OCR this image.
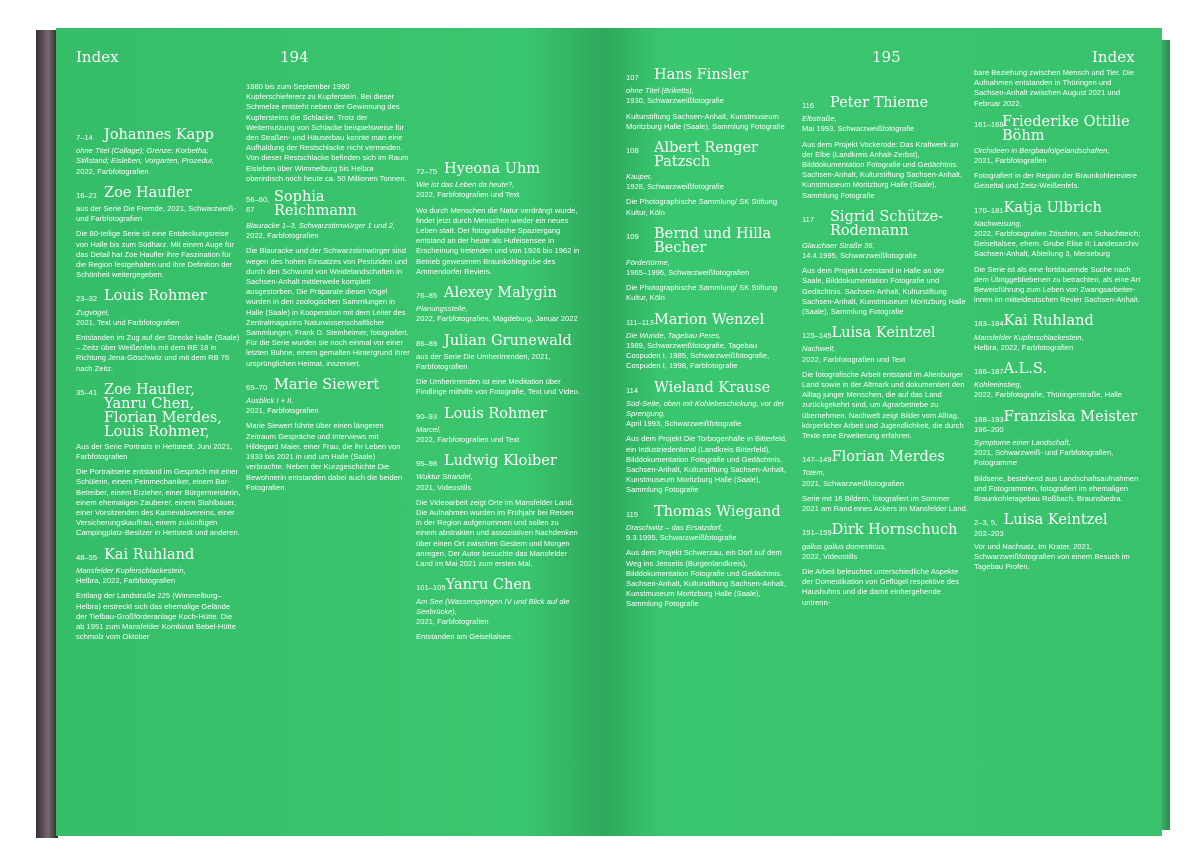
Index	194
7–14 Johannes Kapp
ohne Titel (Collage); Grenze; Korbetha; Stillstand; Eisleben; Vorgarten, Prozedur,
2022, Farbfotografien
16–21 Zoe Haufler
aus der Serie Die Fremde, 2021, Schwarzweiß- und Farbfotografien
Die 80-teilige Serie ist eine Entdeckungsreise von Halle bis zum Südharz. Mit einem Auge für das Detail hat Zoe Haufler ihre Faszination für die Region festgehalten und ihre Definition der Schönheit weitergegeben.
23–32 Louis Rohmer
Zugvögel,
2021, Text und Farbfotografien
Entstanden im Zug auf der Strecke Halle (Saale) – Zeitz über Weißenfels mit dem RE 18 in Richtung Jena-Göschwitz und mit dem RB 76 nach Zeitz.
35–41 Zoe Haufler, Yanru Chen, Florian Merdes, Louis Rohmer,
Aus der Serie Portraits in Hettstedt, Juni 2021, Farbfotografien
Die Portraitserie entstand im Gespräch mit einer Schülerin, einem Feinmechaniker, einem Bar-Betreiber, einem Erzieher, einer Bürgermeisterin, einem ehemaligen Zauberer, einem Stahlbauer, einer Vorsitzenden des Karnevalsvereins, einer Versicherungskauffrau, einem zukünftigen Campingplatz-Besitzer in Hettstedt und anderen.
48–55 Kai Ruhland
Mansfelder Kupferschlackestein,
Helbra, 2022, Farbfotografien
Entlang der Landstraße 225 (Wimmelburg–Helbra) erstreckt sich das ehemalige Gelände der Tiefbau-Großförderanlage Koch-Hütte. Die ab 1951 zum Mansfelder Kombinat Bebel-Hütte schmolz vom Oktober
1880 bis zum September 1990 Kupferschiefererz zu Kupferstein. Bei dieser Schmelze entsteht neben der Gewinnung des Kupfersteins die Schlacke. Trotz der Weiternutzung von Schlacke beispielsweise für den Straßen- und Häuserbau konnte man eine Aufhaldung der Restschlacke nicht vermeiden. Von dieser Restschlacke befinden sich im Raum Eisleben über Wimmelburg bis Helbra oberirdisch noch heute ca. 50 Millionen Tonnen.
56–60,
67
Sophia Reichmann
Blauracke 1–3, Schwarzstirnwürger 1 und 2,
2022, Farbfotografien
Die Blauracke und der Schwarzstirnwürger sind wegen des hohen Einsatzes von Pestiziden und durch den Schwund von Weidelandschaften in Sachsen-Anhalt mittlerweile komplett ausgestorben. Die Präparate dieser Vögel wurden in den zoologischen Sammlungen in Halle (Saale) in Kooperation mit dem Leiter des Zentralmagazins Naturwissenschaftlicher Sammlungen, Frank D. Steinheimer, fotografiert. Für die Serie wurden sie noch einmal vor einer letzten Bühne, einem gemalten Hintergrund ihrer ursprünglichen Heimat, inszeniert.
69–70 Marie Siewert
Ausblick I + II,
2021, Farbfotografien
Marie Siewert führte über einen längeren Zeitraum Gespräche und Interviews mit Hildegard Maier, einer Frau, die ihr Leben von 1933 bis 2021 in und um Halle (Saale) verbrachte. Neben der Kurzgeschichte Die Bewohnerin entstanden dabei auch die beiden Fotografien.
72–75 Hyeona Uhm
Wie ist das Leben da heute?,
2022, Farbfotografien und Text
Wo durch Menschen die Natur verdrängt wurde, findet jetzt durch Menschen wieder ein neues Leben statt. Der fotografische Spaziergang entstand an der heute als Hufeisensee in Erscheinung tretenden und von 1926 bis 1962 in Betrieb gewesenen Braunkohlegrube des Ammendorfer Reviers.
76–85 Alexey Malygin
Planungsstelle,
2022, Farbfotografien, Magdeburg, Januar 2022
86–89 Julian Grunewald
aus der Serie Die Umherirrenden, 2021, Farbfotografien
Die Umherirrenden ist eine Meditation über Findlinge mithilfe von Fotografie, Text und Video.
90–93 Louis Rohmer
Marcel,
2022, Farbfotografien und Text
95–98 Ludwig Kloiber
Wuktur Strandel,
2021, Videostills
Die Videoarbeit zeigt Orte im Mansfelder Land. Die Aufnahmen wurden im Frühjahr bei Reisen in der Region aufgenommen und sollen zu einem abstrakten und assoziativen Nachdenken über einen Ort zwischen Gestern und Morgen anregen. Der Autor besuchte das Mansfelder Land im Mai 2021 zum ersten Mal.
101–105 Yanru Chen
Am See (Wasserspringen IV und Blick auf die Seebrücke),
2021, Farbfotografien
Entstanden am Geiseltalsee.
195	Index
107	Hans Finsler
ohne Titel (Briketts),
1930, Schwarzweißfotografie
Kulturstiftung Sachsen-Anhalt, Kunstmuseum Moritzburg Halle (Saale), Sammlung Fotografie
108	Albert Renger Patzsch
Kauper,
1928, Schwarzweißfotografie
Die Photographische Sammlung/ SK Stiftung Kultur, Köln
109	Bernd und Hilla Becher
Fördertürme,
1965–1996, Schwarzweißfotografien
Die Photographische Sammlung/ SK Stiftung Kultur, Köln
111–113 Marion Wenzel
Die Wunde, Tagebau Peres,
1989, Schwarzweißfotografie, Tagebau Cospuden I, 1985, Schwarzweißfotografie, Cospuden I, 1998, Farbfotografie
114	Wieland Krause
Süd-Seite, oben mit Kohlebeschickung, vor der Sprengung,
April 1993, Schwarzweißfotografie
Aus dem Projekt Die Torbogenhalle in Bitterfeld, ein Industriedenkmal (Landkreis Bitterfeld), Bilddokumentation Fotografie und Gedächtnis. Sachsen-Anhalt, Kulturstiftung Sachsen-Anhalt, Kunstmuseum Moritzburg Halle (Saale), Sammlung Fotografie
115	Thomas Wiegand
Draschwitz – das Ersatzdorf,
9.3.1995, Schwarzweißfotografie
Aus dem Projekt Schwerzau, ein Dorf auf dem Weg ins Jenseits (Burgenlandkreis), Bilddokumentation Fotografie und Gedächtnis. Sachsen-Anhalt, Kulturstiftung Sachsen-Anhalt, Kunstmuseum Moritzburg Halle (Saale), Sammlung Fotografie
116	Peter Thieme
Elbstraße,
Mai 1993, Schwarzweißfotografie
Aus dem Projekt Vockerode: Das Kraftwerk an der Elbe (Landkreis Anhalt-Zerbst), Bilddokumentation Fotografie und Gedächtnis. Sachsen-Anhalt, Kulturstiftung Sachsen-Anhalt, Kunstmuseum Moritzburg Halle (Saale), Sammlung Fotografie
117	Sigrid Schütze-Rodemann
Glauchaer Straße 36,
14.4.1995, Schwarzweißfotografie
Aus dem Projekt Leerstand in Halle an der Saale, Bilddokumentation Fotografie und Gedächtnis. Sachsen-Anhalt, Kulturstiftung Sachsen-Anhalt, Kunstmuseum Moritzburg Halle (Saale), Sammlung Fotografie
125–145 Luisa Keintzel
Nachwelt,
2022, Farbfotografien und Text
Die fotografische Arbeit entstand im Altenburger Land sowie in der Altmark und dokumentiert den Alltag junger Menschen, die auf das Land zurückgekehrt sind, um Agrarbetriebe zu übernehmen. Nachwelt zeigt Bilder vom Alltag, körperlicher Arbeit und Jugendlichkeit, die durch Texte eine Erweiterung erfahren.
147–149 Florian Merdes
Totem,
2021, Schwarzweißfotografien
Serie mit 16 Bildern, fotografiert im Sommer 2021 am Rand eines Ackers im Mansfelder Land.
151–159 Dirk Hornschuch
gallus gallus domesticus,
2022, Videostills
Die Arbeit beleuchtet unterschiedliche Aspekte der Domestikation von Geflügel respektive des Haushuhns und die damit einhergehende untrenn-
bare Beziehung zwischen Mensch und Tier. Die Aufnahmen entstanden in Thüringen und Sachsen-Anhalt zwischen August 2021 und Februar 2022.
161–168
Friederike Ottilie Böhm
Orchideen in Bergbaufolgelandschaften,
2021, Farbfotografien
Fotografiert in der Region der Braunkohlereviere Geiseltal und Zeitz-Weißenfels.
170–181 Katja Ulbrich
Nachweisung,
2022, Farbfotografien Zöschen, am Schachtteich; Geiseltalsee, ehem. Grube Elise II; Landesarchiv Sachsen-Anhalt, Abteilung 3, Merseburg
Die Serie ist als eine fortdauernde Suche nach dem Übriggebliebenen zu betrachten, als eine Art Beweisführung zum Leben von Zwangsarbeiter-innen im mitteldeutschen Revier Sachsen-Anhalt.
183–184 Kai Ruhland
Mansfelder Kupferschlackestein,
Helbra, 2022, Farbfotografien
186–187 A.L.S.
Kohleeinstieg,
2022, Farbfotografie, Thüringerstraße, Halle
188–193
196–200
Franziska Meister
Symptome einer Landschaft,
2021, Schwarzweiß- und Farbfotografien, Fotogramme
Bildserie, bestehend aus Landschaftsaufnahmen und Fotogrammen, fotografiert im ehemaligen Braunkohletagebau Roßbach, Braunsbedra.
2–3, 5,
202–203
Luisa Keintzel
Vor und Nachsatz, Im Krater, 2021, Schwarzweißfotografien von einem Besuch im Tagebau Profen.
